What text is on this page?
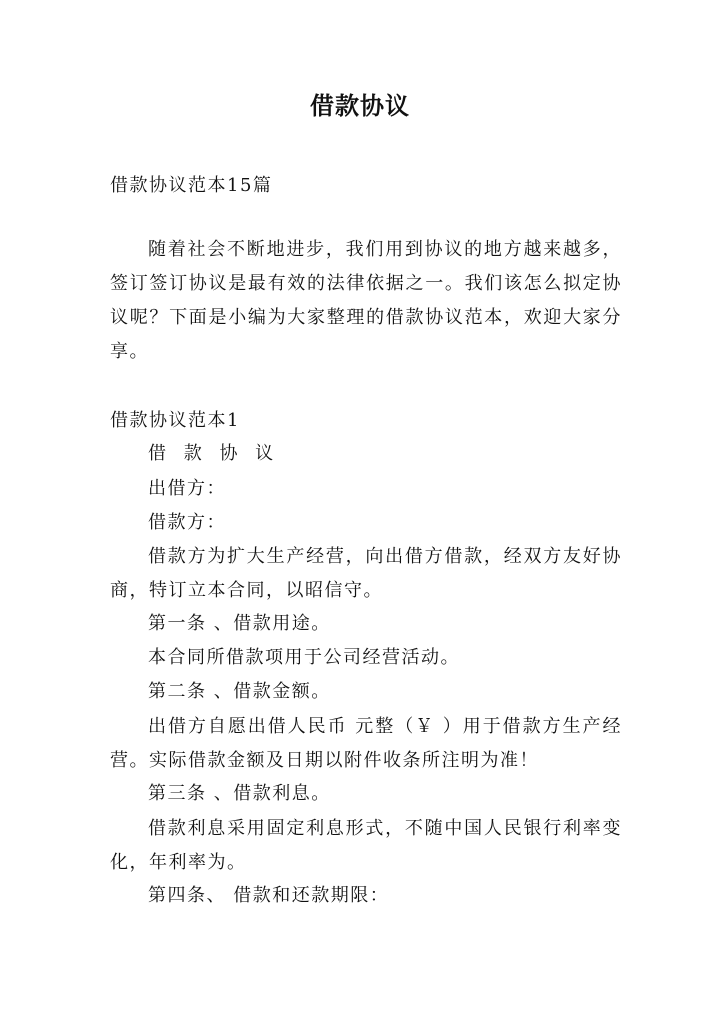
借款协议
借款协议范本15篇
随着社会不断地进步，我们用到协议的地方越来越多，签订签订协议是最有效的法律依据之一。我们该怎么拟定协议呢？下面是小编为大家整理的借款协议范本，欢迎大家分享。
借款协议范本1
借 款 协 议
出借方：
借款方：
借款方为扩大生产经营，向出借方借款，经双方友好协商，特订立本合同，以昭信守。
第一条 、借款用途。
本合同所借款项用于公司经营活动。
第二条 、借款金额。
出借方自愿出借人民币 元整（￥ ）用于借款方生产经营。实际借款金额及日期以附件收条所注明为准！
第三条 、借款利息。
借款利息采用固定利息形式，不随中国人民银行利率变化，年利率为。
第四条、 借款和还款期限：
